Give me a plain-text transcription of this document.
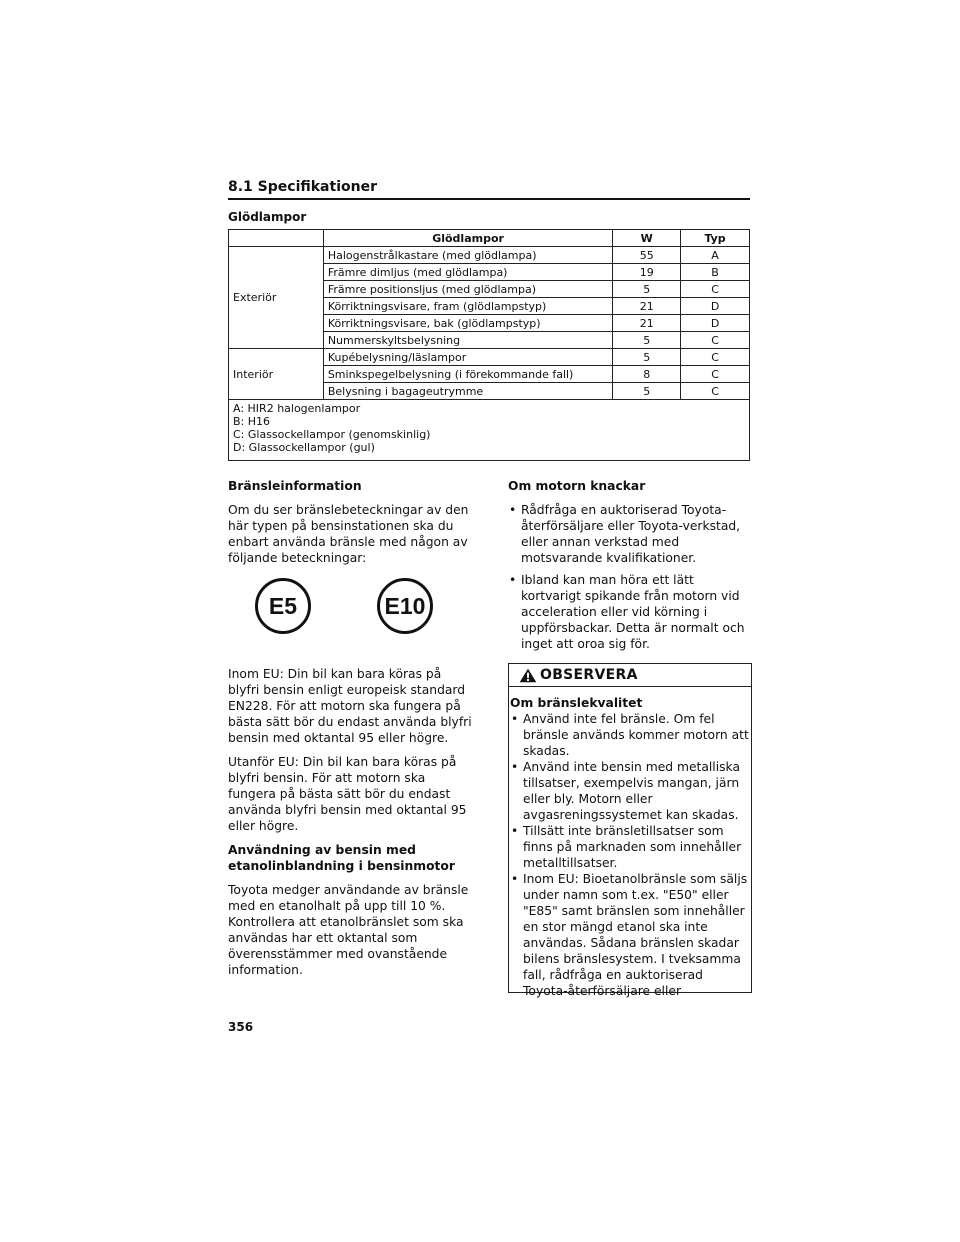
8.1 Specifikationer
Glödlampor
	Glödlampor	W	Typ
Exteriör	Halogenstrålkastare (med glödlampa)	55	A
	Främre dimljus (med glödlampa)	19	B
	Främre positionsljus (med glödlampa)	5	C
	Körriktningsvisare, fram (glödlampstyp)	21	D
	Körriktningsvisare, bak (glödlampstyp)	21	D
	Nummerskyltsbelysning	5	C
Interiör	Kupébelysning/läslampor	5	C
	Sminkspegelbelysning (i förekommande fall)	8	C
	Belysning i bagageutrymme	5	C

A: HIR2 halogenlampor
B: H16
C: Glassockellampor (genomskinlig)
D: Glassockellampor (gul)			
Bränsleinformation

Om du ser bränslebeteckningar av den här typen på bensinstationen ska du enbart använda bränsle med någon av följande beteckningar:

Inom EU: Din bil kan bara köras på blyfri bensin enligt europeisk standard EN228. För att motorn ska fungera på bästa sätt bör du endast använda blyfri bensin med oktantal 95 eller högre.

Utanför EU: Din bil kan bara köras på blyfri bensin. För att motorn ska fungera på bästa sätt bör du endast använda blyfri bensin med oktantal 95 eller högre.

Användning av bensin med etanolinblandning i bensinmotor

Toyota medger användande av bränsle med en etanolhalt på upp till 10 %. Kontrollera att etanolbränslet som ska användas har ett oktantal som överensstämmer med ovanstående information.

E5	E10
Om motorn knackar
• Rådfråga en auktoriserad Toyota-återförsäljare eller Toyota-verkstad, eller annan verkstad med motsvarande kvalifikationer.
• Ibland kan man höra ett lätt kortvarigt spikande från motorn vid acceleration eller vid körning i uppförsbackar. Detta är normalt och inget att oroa sig för.
OBSERVERA
Om bränslekvalitet
• Använd inte fel bränsle. Om fel bränsle används kommer motorn att skadas.
• Använd inte bensin med metalliska tillsatser, exempelvis mangan, järn eller bly. Motorn eller avgasreningssystemet kan skadas.
• Tillsätt inte bränsletillsatser som finns på marknaden som innehåller metalltillsatser.
• Inom EU: Bioetanolbränsle som säljs under namn som t.ex. "E50" eller "E85" samt bränslen som innehåller en stor mängd etanol ska inte användas. Sådana bränslen skadar bilens bränslesystem. I tveksamma fall, rådfråga en auktoriserad Toyota-återförsäljare eller
356
